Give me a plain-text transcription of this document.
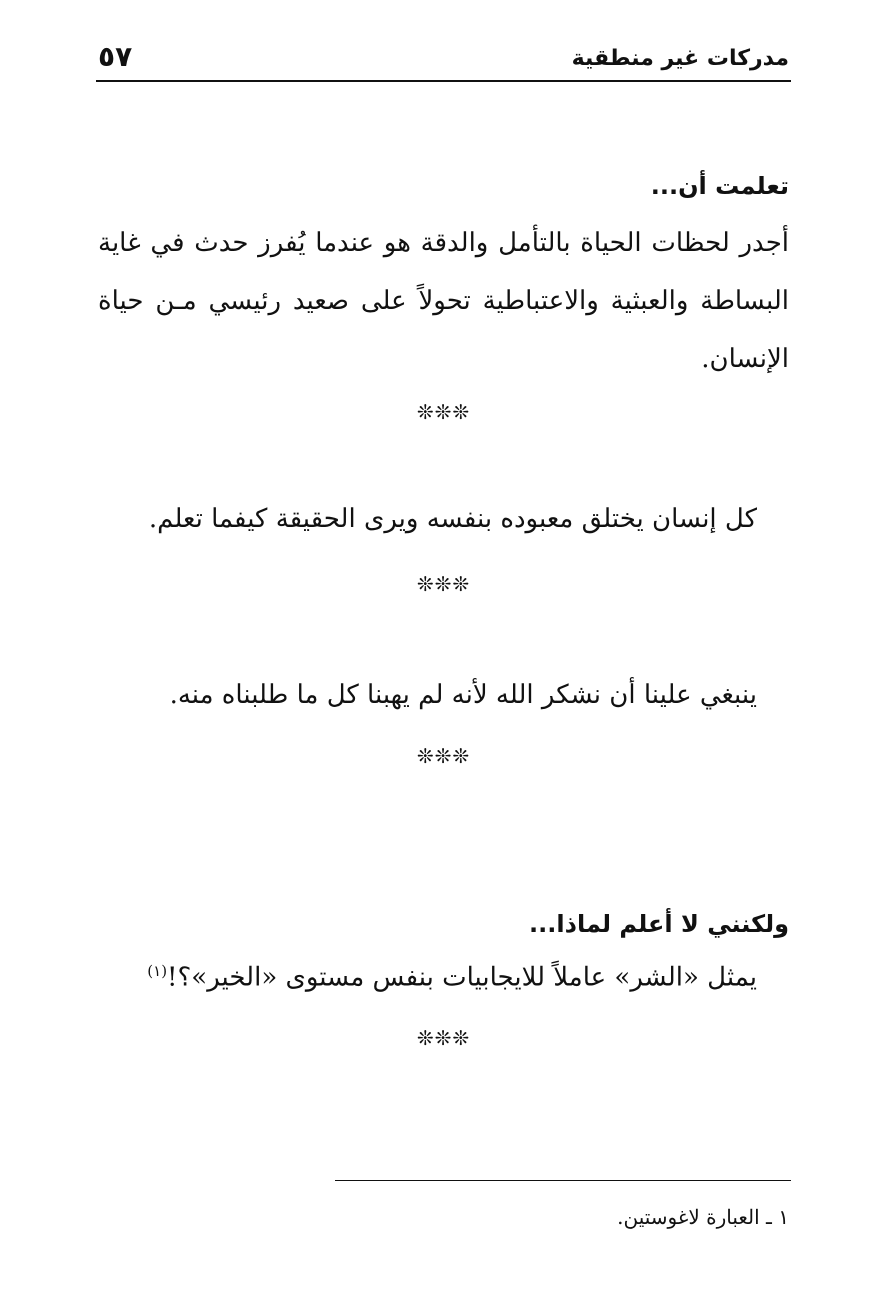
مدركات غير منطقية
٥٧
تعلمت أن...
أجدر لحظات الحياة بالتأمل والدقة هو عندما يُفرز حدث في غاية البساطة والعبثية والاعتباطية تحولاً على صعيد رئيسي مـن حياة الإنسان.
❊❊❊
كل إنسان يختلق معبوده بنفسه ويرى الحقيقة كيفما تعلم.
❊❊❊
ينبغي علينا أن نشكر الله لأنه لم يهبنا كل ما طلبناه منه.
❊❊❊
ولكنني لا أعلم لماذا...
يمثل «الشر» عاملاً للايجابيات بنفس مستوى «الخير»؟!$^{(١)}$
❊❊❊
١ ـ العبارة لاغوستين.
